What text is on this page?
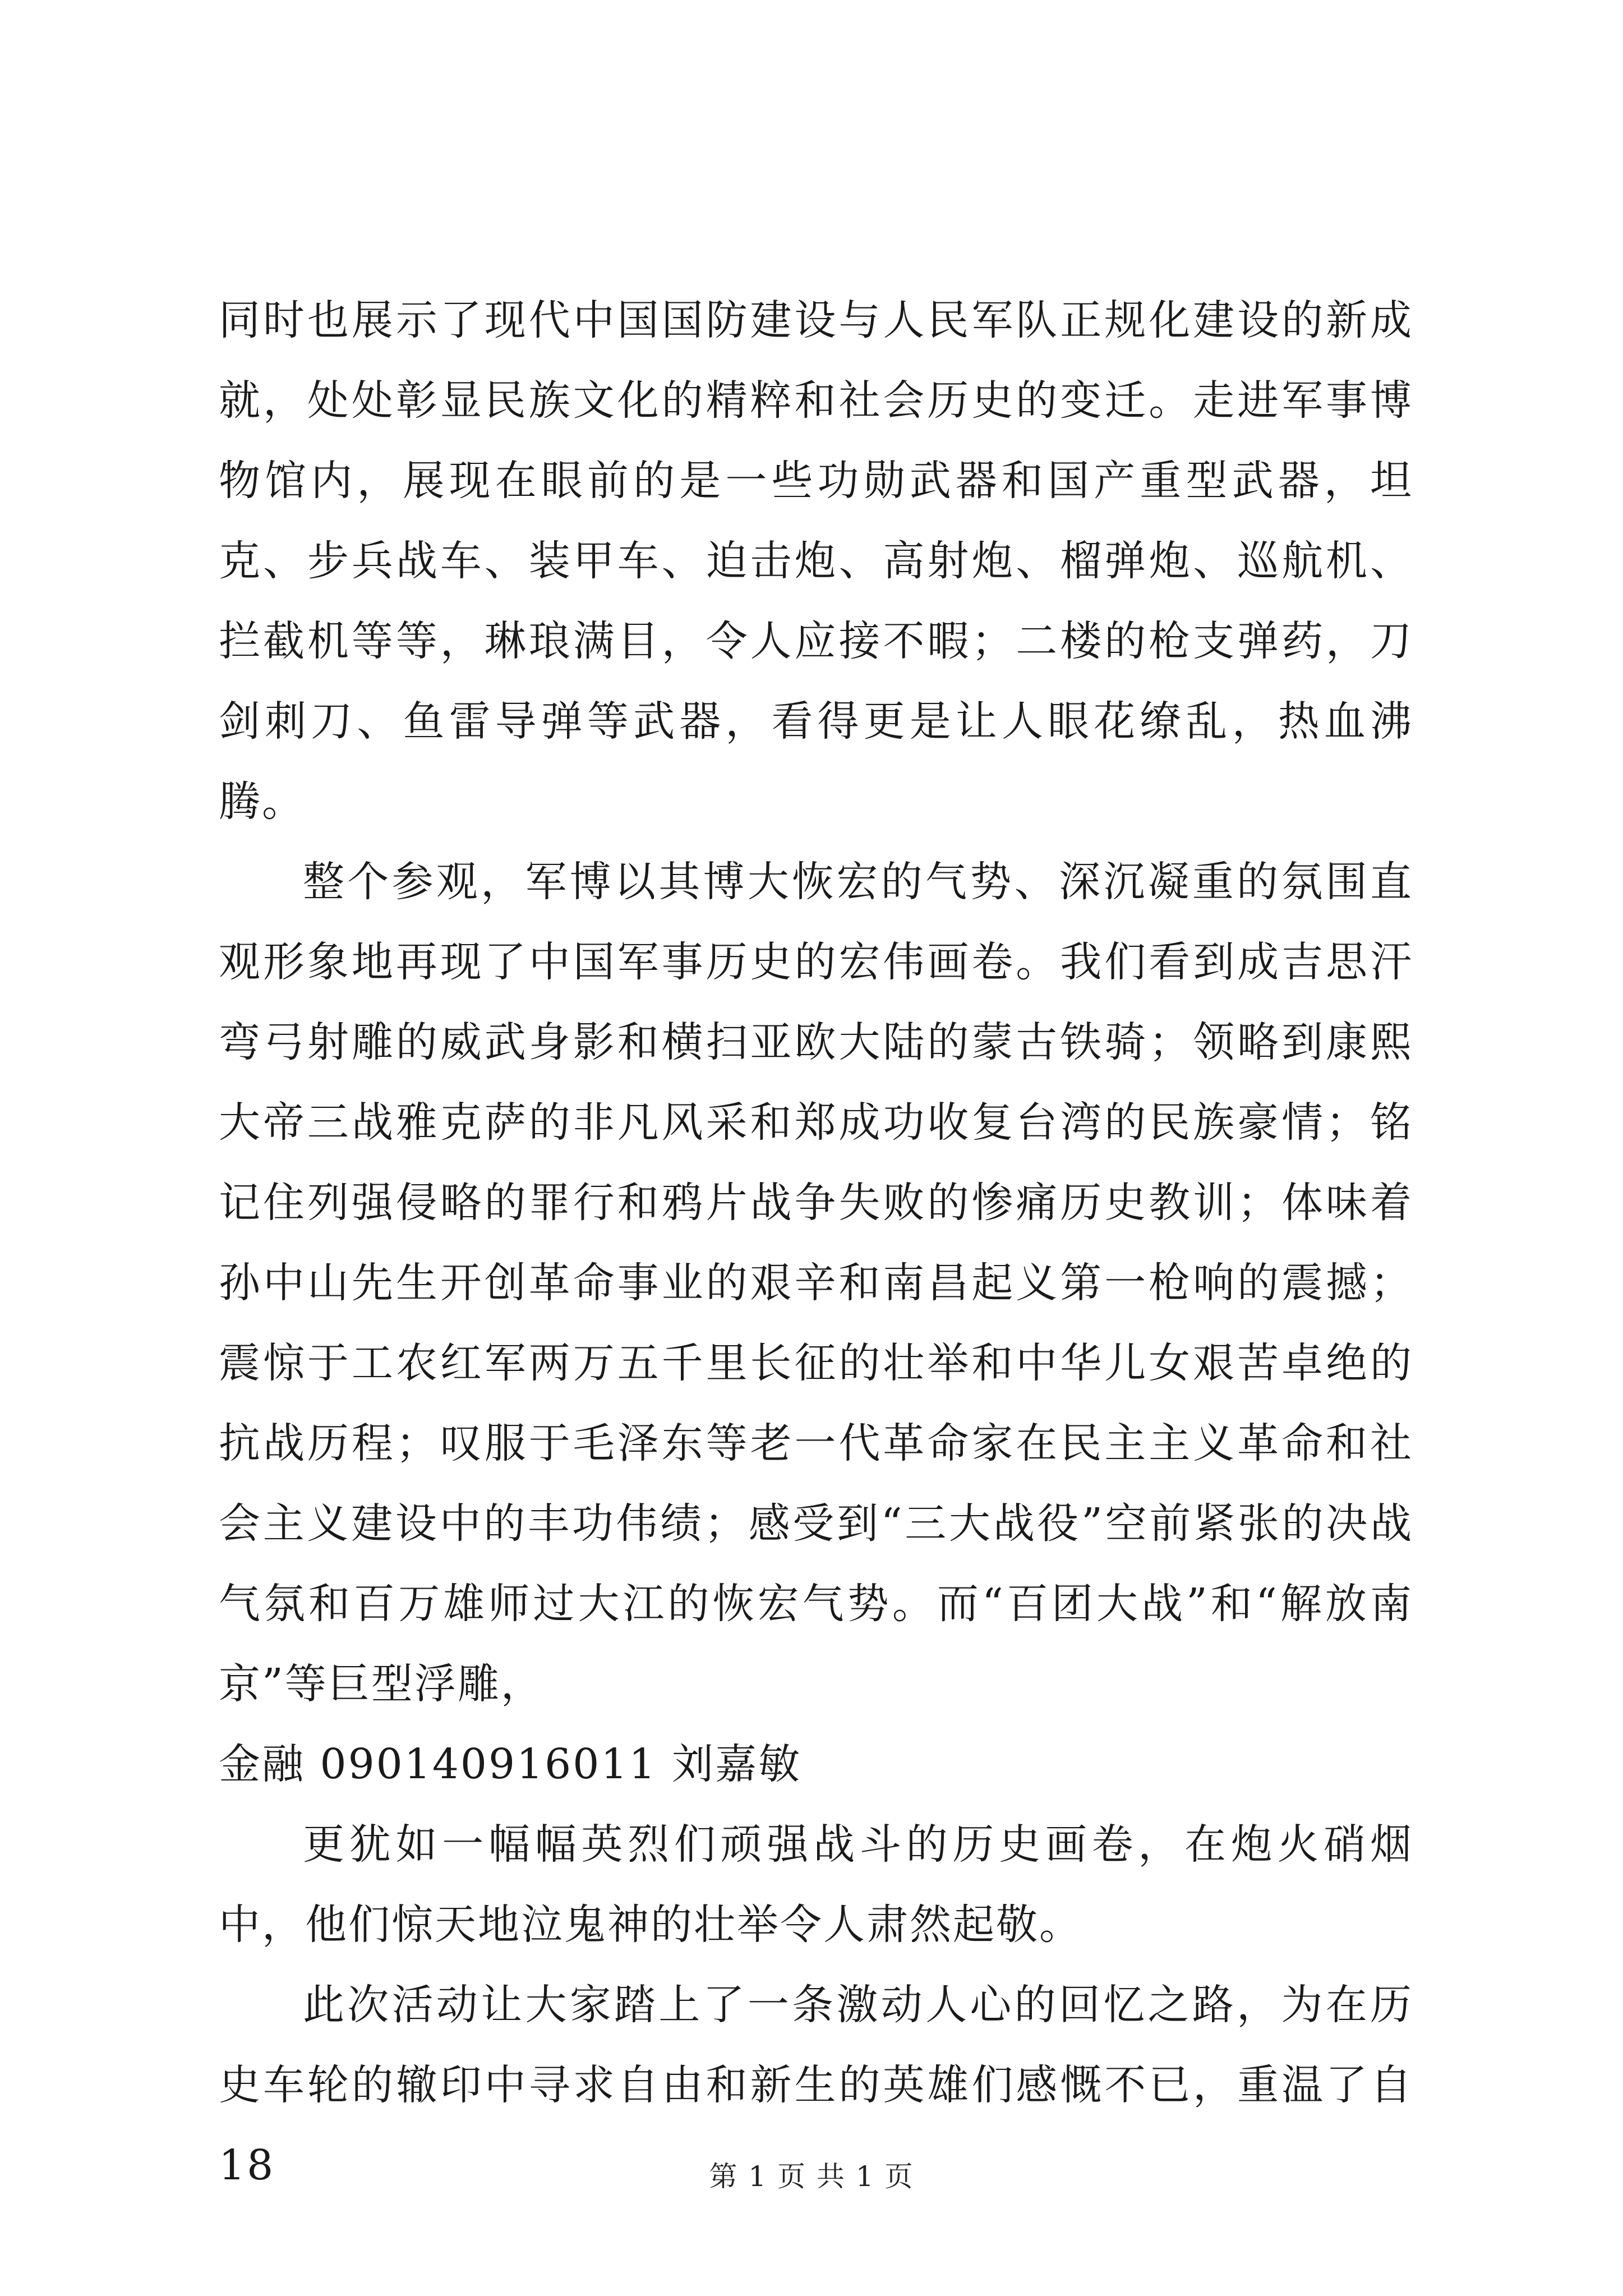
同时也展示了现代中国国防建设与人民军队正规化建设的新成就，处处彰显民族文化的精粹和社会历史的变迁。走进军事博物馆内，展现在眼前的是一些功勋武器和国产重型武器，坦克、步兵战车、装甲车、迫击炮、高射炮、榴弹炮、巡航机、拦截机等等，琳琅满目，令人应接不暇；二楼的枪支弹药，刀剑刺刀、鱼雷导弹等武器，看得更是让人眼花缭乱，热血沸腾。

整个参观，军博以其博大恢宏的气势、深沉凝重的氛围直观形象地再现了中国军事历史的宏伟画卷。我们看到成吉思汗弯弓射雕的威武身影和横扫亚欧大陆的蒙古铁骑；领略到康熙大帝三战雅克萨的非凡风采和郑成功收复台湾的民族豪情；铭记住列强侵略的罪行和鸦片战争失败的惨痛历史教训；体味着孙中山先生开创革命事业的艰辛和南昌起义第一枪响的震撼；震惊于工农红军两万五千里长征的壮举和中华儿女艰苦卓绝的抗战历程；叹服于毛泽东等老一代革命家在民主主义革命和社会主义建设中的丰功伟绩；感受到“三大战役”空前紧张的决战气氛和百万雄师过大江的恢宏气势。而“百团大战”和“解放南京”等巨型浮雕，

金融 090140916011 刘嘉敏

更犹如一幅幅英烈们顽强战斗的历史画卷，在炮火硝烟中，他们惊天地泣鬼神的壮举令人肃然起敬。

此次活动让大家踏上了一条激动人心的回忆之路，为在历史车轮的辙印中寻求自由和新生的英雄们感慨不已，重温了自 18	第 1 页 共 1 页
